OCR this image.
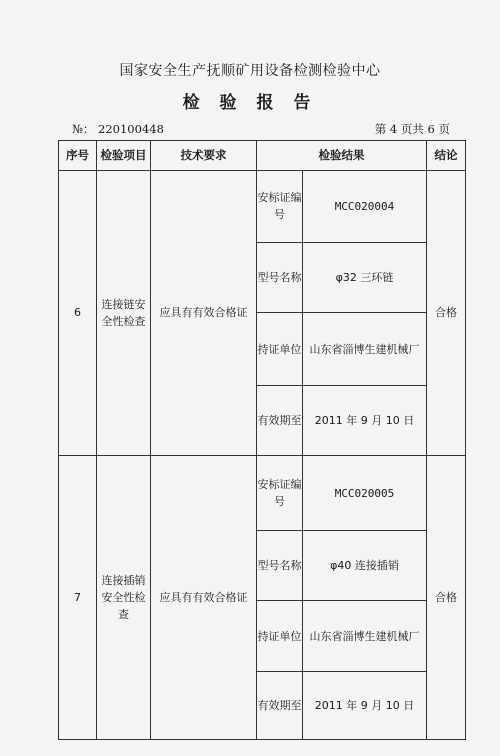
国家安全生产抚顺矿用设备检测检验中心
检 验 报 告
№： 220100448	第 4 页共 6 页
序号	检验项目	技术要求	检验结果		结论
6	连接链安全性检查	应具有有效合格证	安标证编号	MCC020004	合格
			型号名称	φ32 三环链	
			持证单位	山东省淄博生建机械厂	
			有效期至	2011 年 9 月 10 日	
7	连接插销安全性检查	应具有有效合格证	安标证编号	MCC020005	合格
			型号名称	φ40 连接插销	
			持证单位	山东省淄博生建机械厂	
			有效期至	2011 年 9 月 10 日	
